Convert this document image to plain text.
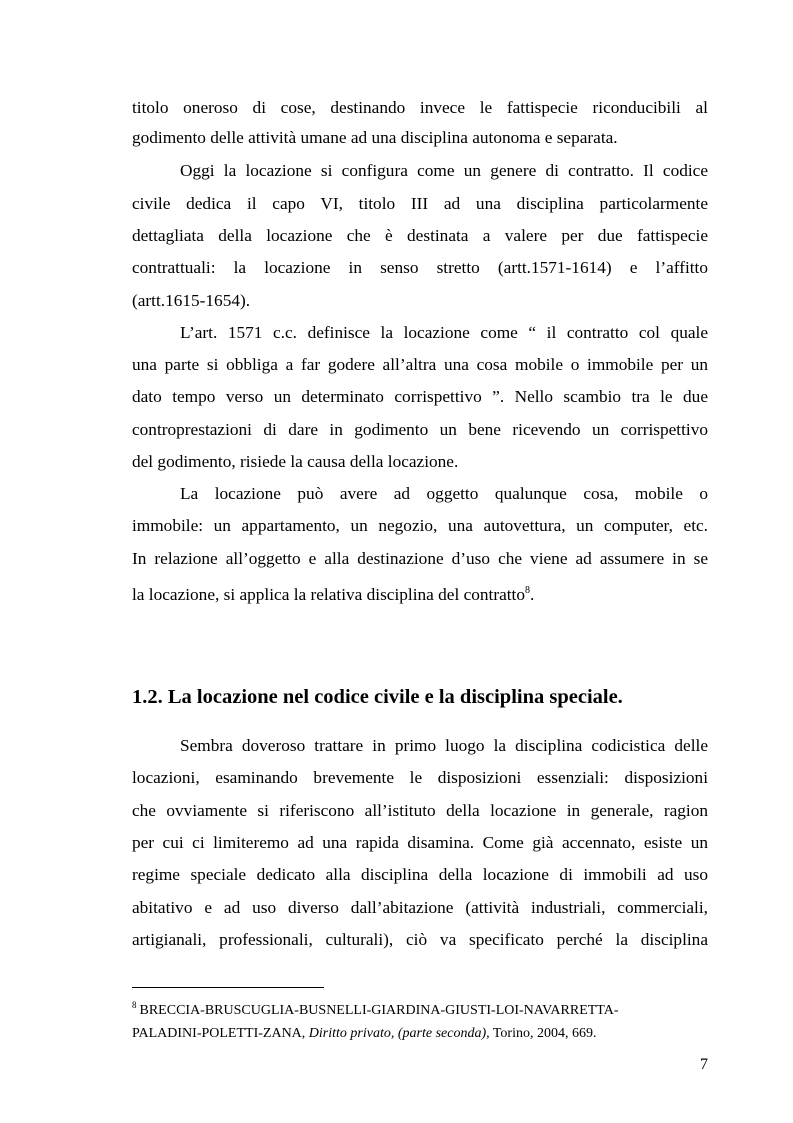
titolo oneroso di cose, destinando invece le fattispecie riconducibili al
godimento delle attività umane ad una disciplina autonoma e separata.
Oggi la locazione si configura come un genere di contratto. Il codice
civile dedica il capo VI, titolo III ad una disciplina particolarmente
dettagliata della locazione che è destinata a valere per due fattispecie
contrattuali: la locazione in senso stretto (artt.1571-1614) e l’affitto
(artt.1615-1654).
L’art. 1571 c.c. definisce la locazione come “ il contratto col quale
una parte si obbliga a far godere all’altra una cosa mobile o immobile per un
dato tempo verso un determinato corrispettivo ”. Nello scambio tra le due
controprestazioni di dare in godimento un bene ricevendo un corrispettivo
del godimento, risiede la causa della locazione.
La locazione può avere ad oggetto qualunque cosa, mobile o
immobile: un appartamento, un negozio, una autovettura, un computer, etc.
In relazione all’oggetto e alla destinazione d’uso che viene ad assumere in se
la locazione, si applica la relativa disciplina del contratto$^8$.
1.2. La locazione nel codice civile e la disciplina speciale.
Sembra doveroso trattare in primo luogo la disciplina codicistica delle
locazioni, esaminando brevemente le disposizioni essenziali: disposizioni
che ovviamente si riferiscono all’istituto della locazione in generale, ragion
per cui ci limiteremo ad una rapida disamina. Come già accennato, esiste un
regime speciale dedicato alla disciplina della locazione di immobili ad uso
abitativo e ad uso diverso dall’abitazione (attività industriali, commerciali,
artigianali, professionali, culturali), ciò va specificato perché la disciplina
$^8$ BRECCIA-BRUSCUGLIA-BUSNELLI-GIARDINA-GIUSTI-LOI-NAVARRETTA-
PALADINI-POLETTI-ZANA, Diritto privato, (parte seconda), Torino, 2004, 669.
7
